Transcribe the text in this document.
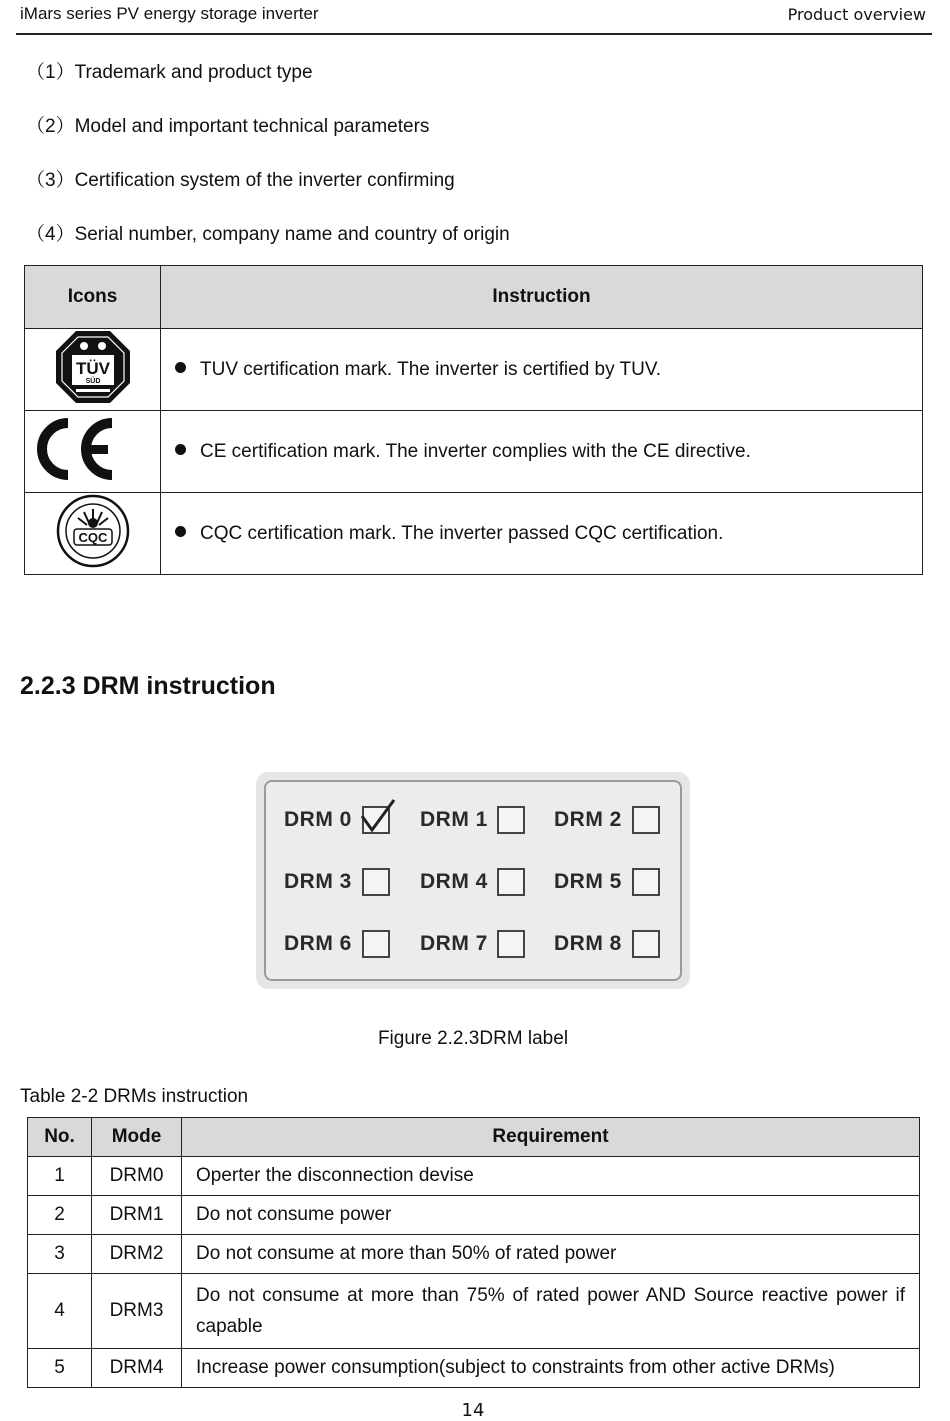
iMars series PV energy storage inverter	Product overview
（1）Trademark and product type
（2）Model and important technical parameters
（3）Certification system of the inverter confirming
（4）Serial number, company name and country of origin
Icons	Instruction

TÜV
SÜD	TUV certification mark. The inverter is certified by TUV.
	CE certification mark. The inverter complies with the CE directive.

CQC	CQC certification mark. The inverter passed CQC certification.
2.2.3 DRM instruction
DRM 0	DRM 1	DRM 2
DRM 3	DRM 4	DRM 5
DRM 6	DRM 7	DRM 8
Figure 2.2.3DRM label
Table 2-2 DRMs instruction
No.	Mode	Requirement
1	DRM0	Operter the disconnection devise
2	DRM1	Do not consume power
3	DRM2	Do not consume at more than 50% of rated power
4	DRM3	Do not consume at more than 75% of rated power AND Source reactive power if capable
5	DRM4	Increase power consumption(subject to constraints from other active DRMs)
14
